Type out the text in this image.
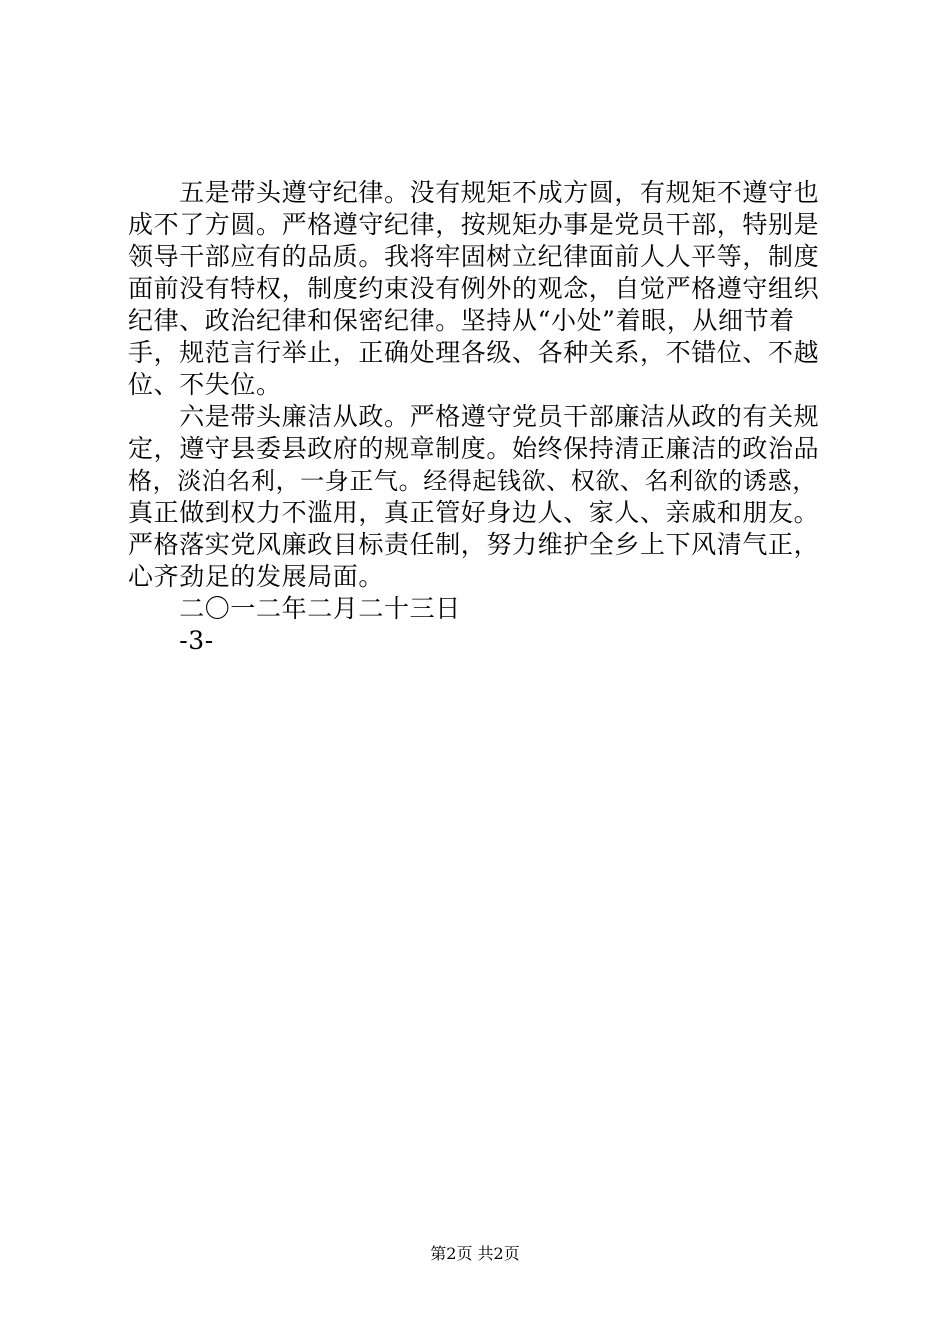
　　五是带头遵守纪律。没有规矩不成方圆，有规矩不遵守也
成不了方圆。严格遵守纪律，按规矩办事是党员干部，特别是
领导干部应有的品质。我将牢固树立纪律面前人人平等，制度
面前没有特权，制度约束没有例外的观念，自觉严格遵守组织
纪律、政治纪律和保密纪律。坚持从“小处”着眼，从细节着
手，规范言行举止，正确处理各级、各种关系，不错位、不越
位、不失位。
　　六是带头廉洁从政。严格遵守党员干部廉洁从政的有关规
定，遵守县委县政府的规章制度。始终保持清正廉洁的政治品
格，淡泊名利，一身正气。经得起钱欲、权欲、名利欲的诱惑，
真正做到权力不滥用，真正管好身边人、家人、亲戚和朋友。
严格落实党风廉政目标责任制，努力维护全乡上下风清气正，
心齐劲足的发展局面。
　　二〇一二年二月二十三日
　　-3-
第2页 共2页
